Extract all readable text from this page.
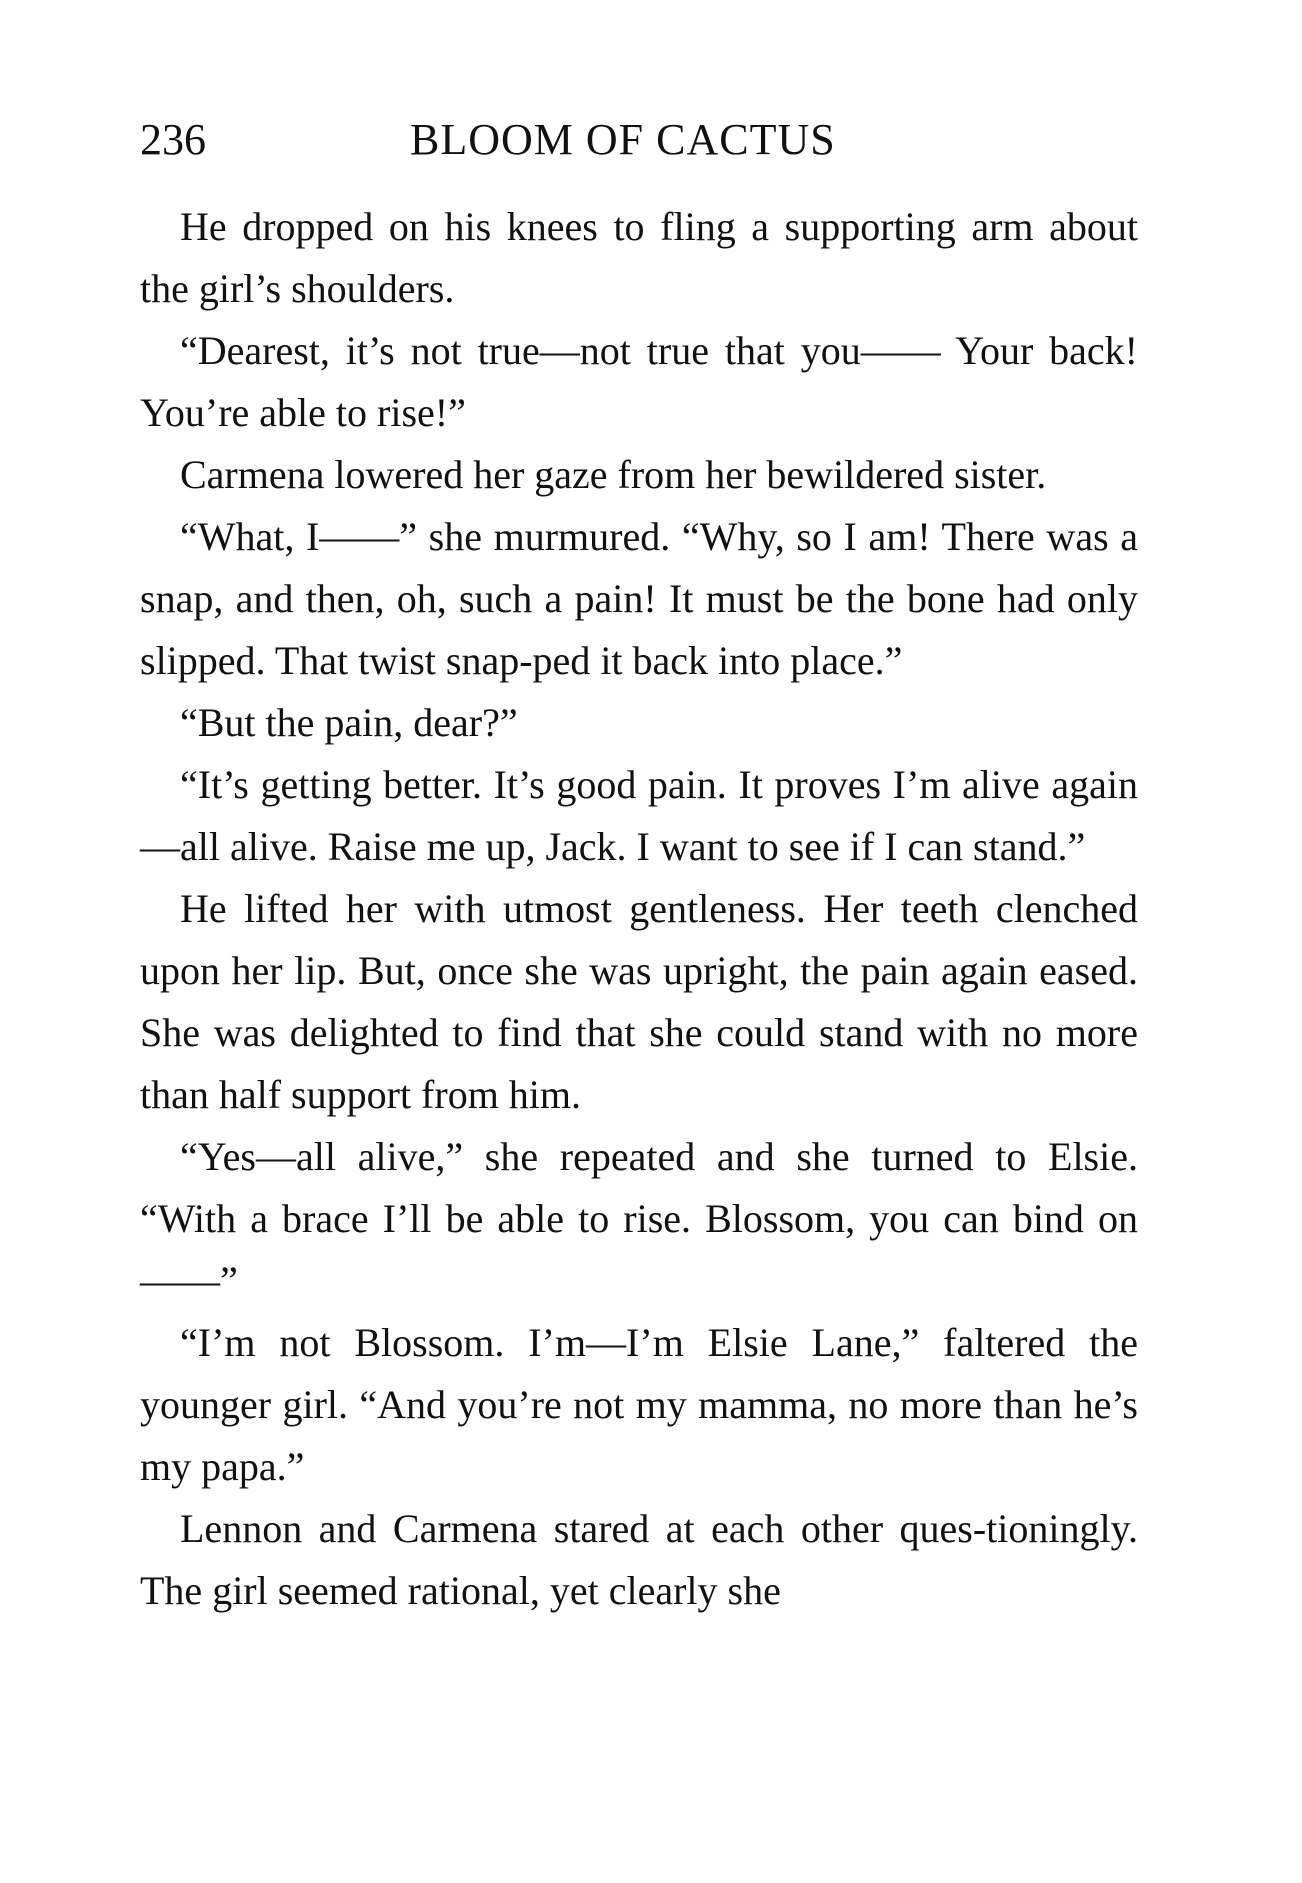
236	BLOOM OF CACTUS

He dropped on his knees to fling a supporting arm about the girl’s shoulders.

“Dearest, it’s not true—not true that you—— Your back! You’re able to rise!”

Carmena lowered her gaze from her bewildered sister.

“What, I——” she murmured. “Why, so I am! There was a snap, and then, oh, such a pain! It must be the bone had only slipped. That twist snap-ped it back into place.”

“But the pain, dear?”

“It’s getting better. It’s good pain. It proves I’m alive again—all alive. Raise me up, Jack. I want to see if I can stand.”

He lifted her with utmost gentleness. Her teeth clenched upon her lip. But, once she was upright, the pain again eased. She was delighted to find that she could stand with no more than half support from him.

“Yes—all alive,” she repeated and she turned to Elsie. “With a brace I’ll be able to rise. Blossom, you can bind on——”

“I’m not Blossom. I’m—I’m Elsie Lane,” faltered the younger girl. “And you’re not my mamma, no more than he’s my papa.”

Lennon and Carmena stared at each other ques-tioningly. The girl seemed rational, yet clearly she
